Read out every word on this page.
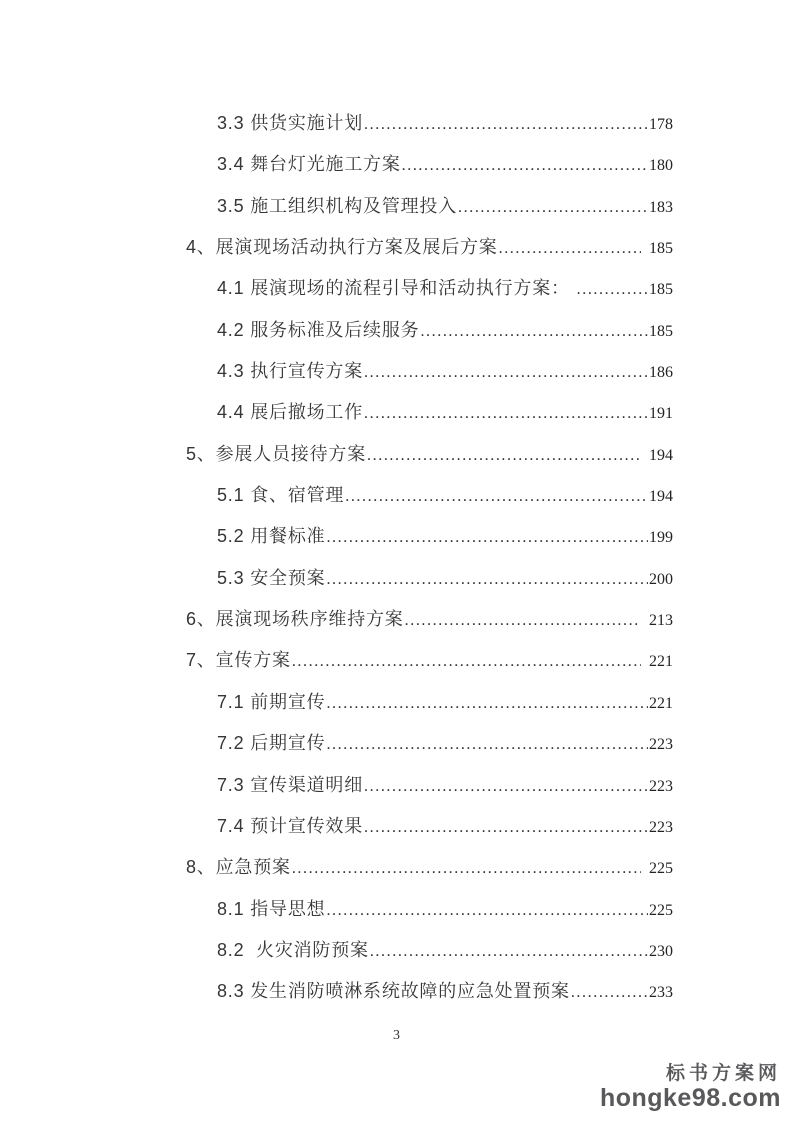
3.3 供货实施计划 .....	178
3.4 舞台灯光施工方案 .....	180
3.5 施工组织机构及管理投入 .....	183
4、展演现场活动执行方案及展后方案 .....	185
4.1 展演现场的流程引导和活动执行方案： .....	185
4.2 服务标准及后续服务 .....	185
4.3 执行宣传方案 .....	186
4.4 展后撤场工作 .....	191
5、参展人员接待方案 .....	194
5.1 食、宿管理 .....	194
5.2 用餐标准 .....	199
5.3 安全预案 .....	200
6、展演现场秩序维持方案 .....	213
7、宣传方案 .....	221
7.1 前期宣传 .....	221
7.2 后期宣传 .....	223
7.3 宣传渠道明细 .....	223
7.4 预计宣传效果 .....	223
8、应急预案 .....	225
8.1 指导思想 .....	225
8.2  火灾消防预案 .....	230
8.3 发生消防喷淋系统故障的应急处置预案 .....	233
3
标书方案网
hongke98.com
